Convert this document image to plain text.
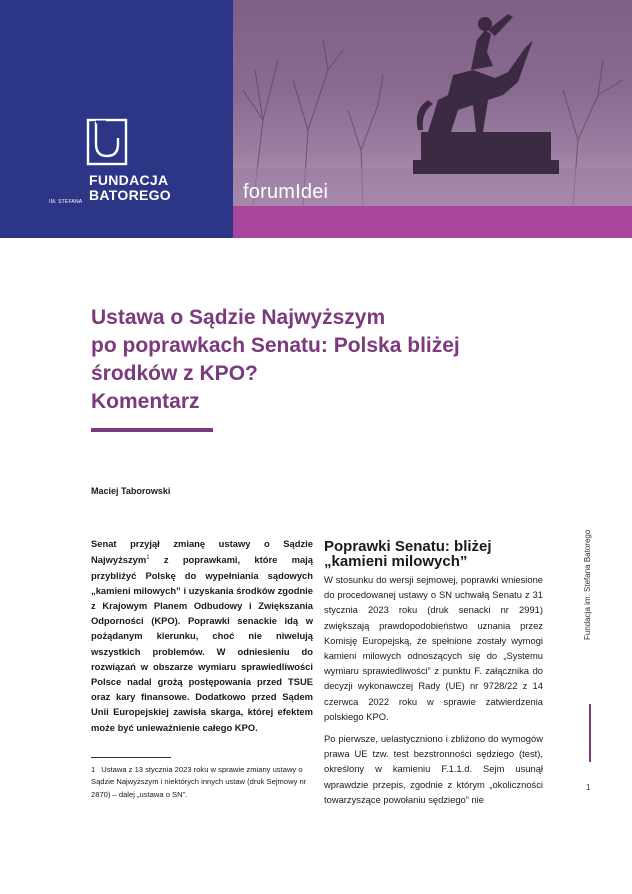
IM. STEFANA
FUNDACJA
BATOREGO	forumIdei
Ustawa o Sądzie Najwyższym
po poprawkach Senatu: Polska bliżej
środków z KPO?
Komentarz
Maciej Taborowski

Senat przyjął zmianę ustawy o Sądzie Najwyższym$^1$ z poprawkami, które mają przybliżyć Polskę do wypełniania sądowych „kamieni milowych” i uzyskania środków zgodnie z Krajowym Planem Odbudowy i Zwiększania Odporności (KPO). Poprawki senackie idą w pożądanym kierunku, choć nie niwelują wszystkich problemów. W odniesieniu do rozwiązań w obszarze wymiaru sprawiedliwości Polsce nadal grożą postępowania przed TSUE oraz kary finansowe. Dodatkowo przed Sądem Unii Europejskiej zawisła skarga, której efektem może być unieważnienie całego KPO.

1 Ustawa z 13 stycznia 2023 roku w sprawie zmiany ustawy o Sądzie Najwyższym i niektórych innych ustaw (druk Sejmowy nr 2870) – dalej „ustawa o SN”.

Poprawki Senatu: bliżej
„kamieni milowych”

W stosunku do wersji sejmowej, poprawki wniesione do procedowanej ustawy o SN uchwałą Senatu z 31 stycznia 2023 roku (druk senacki nr 2991) zwiększają prawdopodobieństwo uznania przez Komisję Europejską, że spełnione zostały wymogi kamieni milowych odnoszących się do „Systemu wymiaru sprawiedliwości” z punktu F. załącznika do decyzji wykonawczej Rady (UE) nr 9728/22 z 14 czerwca 2022 roku w sprawie zatwierdzenia polskiego KPO.

Po pierwsze, uelastyczniono i zbliżono do wymogów prawa UE tzw. test bezstronności sędziego (test), określony w kamieniu F.1.1.d. Sejm usunął wprawdzie przepis, zgodnie z którym „okoliczności towarzyszące powołaniu sędziego” nie

Fundacja im. Stefana Batorego
1
